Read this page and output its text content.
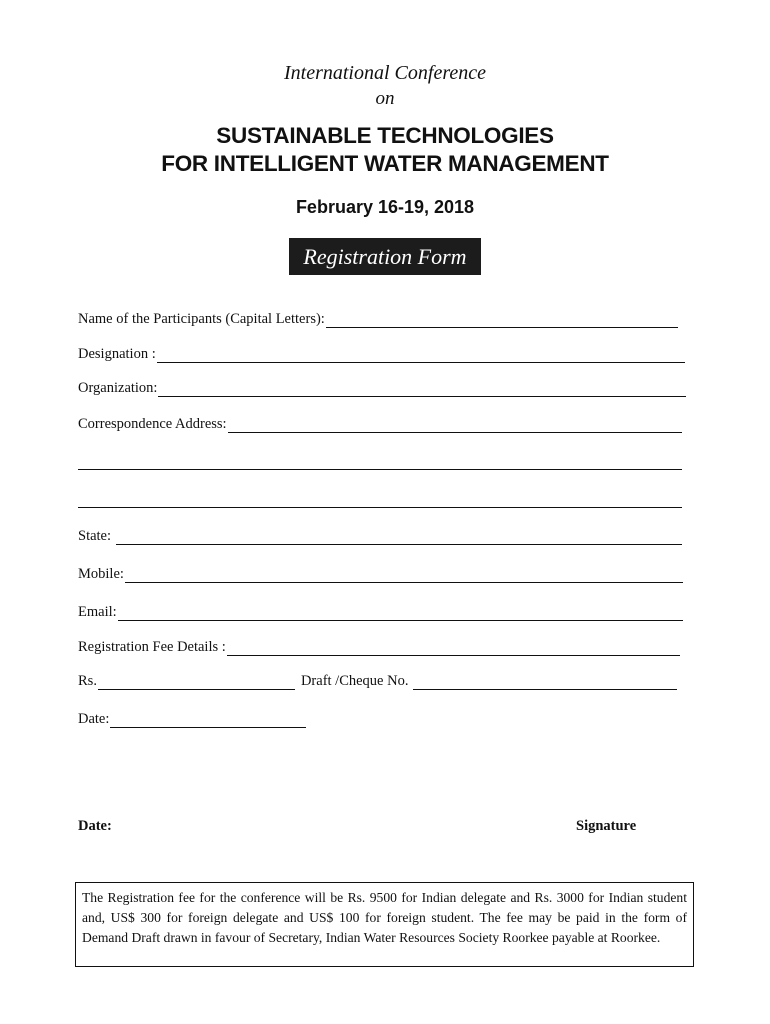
International Conference
on
SUSTAINABLE TECHNOLOGIES
FOR INTELLIGENT WATER MANAGEMENT
February 16-19, 2018
Registration Form
Name of the Participants (Capital Letters):
Designation :
Organization:
Correspondence Address:
State:
Mobile:
Email:
Registration Fee Details :
Rs.	Draft /Cheque No.
Date:
Date:	Signature
The Registration fee for the conference will be Rs. 9500 for Indian delegate and Rs. 3000 for Indian student and, US$ 300 for foreign delegate and US$ 100 for foreign student. The fee may be paid in the form of Demand Draft drawn in favour of Secretary, Indian Water Resources Society Roorkee payable at Roorkee.
